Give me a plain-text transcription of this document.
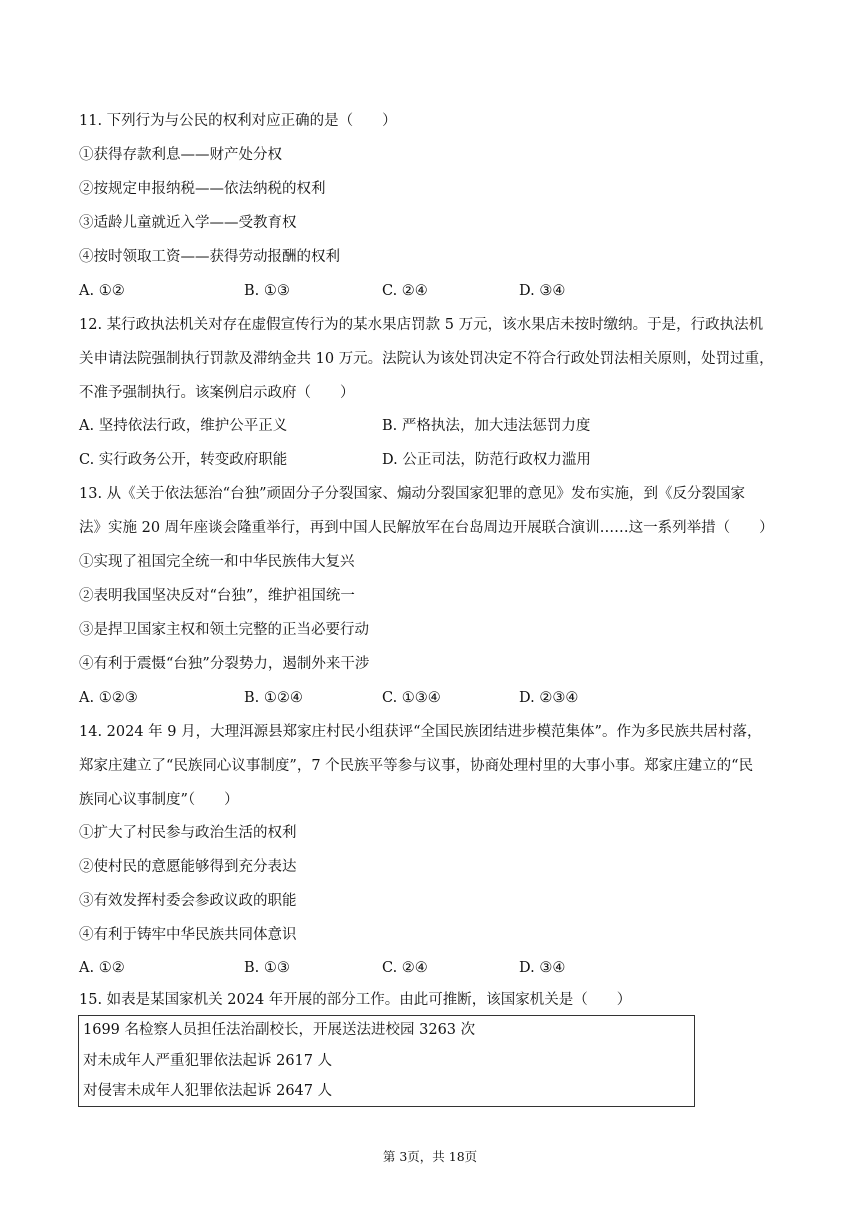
11. 下列行为与公民的权利对应正确的是（　　）
①获得存款利息——财产处分权
②按规定申报纳税——依法纳税的权利
③适龄儿童就近入学——受教育权
④按时领取工资——获得劳动报酬的权利
A. ①②	B. ①③	C. ②④	D. ③④
12. 某行政执法机关对存在虚假宣传行为的某水果店罚款 5 万元，该水果店未按时缴纳。于是，行政执法机
关申请法院强制执行罚款及滞纳金共 10 万元。法院认为该处罚决定不符合行政处罚法相关原则，处罚过重，
不准予强制执行。该案例启示政府（　　）
A. 坚持依法行政，维护公平正义	B. 严格执法，加大违法惩罚力度
C. 实行政务公开，转变政府职能	D. 公正司法，防范行政权力滥用
13. 从《关于依法惩治“台独”顽固分子分裂国家、煽动分裂国家犯罪的意见》发布实施，到《反分裂国家
法》实施 20 周年座谈会隆重举行，再到中国人民解放军在台岛周边开展联合演训……这一系列举措（　　）
①实现了祖国完全统一和中华民族伟大复兴
②表明我国坚决反对“台独”，维护祖国统一
③是捍卫国家主权和领土完整的正当必要行动
④有利于震慑“台独”分裂势力，遏制外来干涉
A. ①②③	B. ①②④	C. ①③④	D. ②③④
14. 2024 年 9 月，大理洱源县郑家庄村民小组获评“全国民族团结进步模范集体”。作为多民族共居村落，
郑家庄建立了“民族同心议事制度”，7 个民族平等参与议事，协商处理村里的大事小事。郑家庄建立的“民
族同心议事制度”（　　）
①扩大了村民参与政治生活的权利
②使村民的意愿能够得到充分表达
③有效发挥村委会参政议政的职能
④有利于铸牢中华民族共同体意识
A. ①②	B. ①③	C. ②④	D. ③④
15. 如表是某国家机关 2024 年开展的部分工作。由此可推断，该国家机关是（　　）
1699 名检察人员担任法治副校长，开展送法进校园 3263 次
对未成年人严重犯罪依法起诉 2617 人
对侵害未成年人犯罪依法起诉 2647 人
第 3页，共 18页
